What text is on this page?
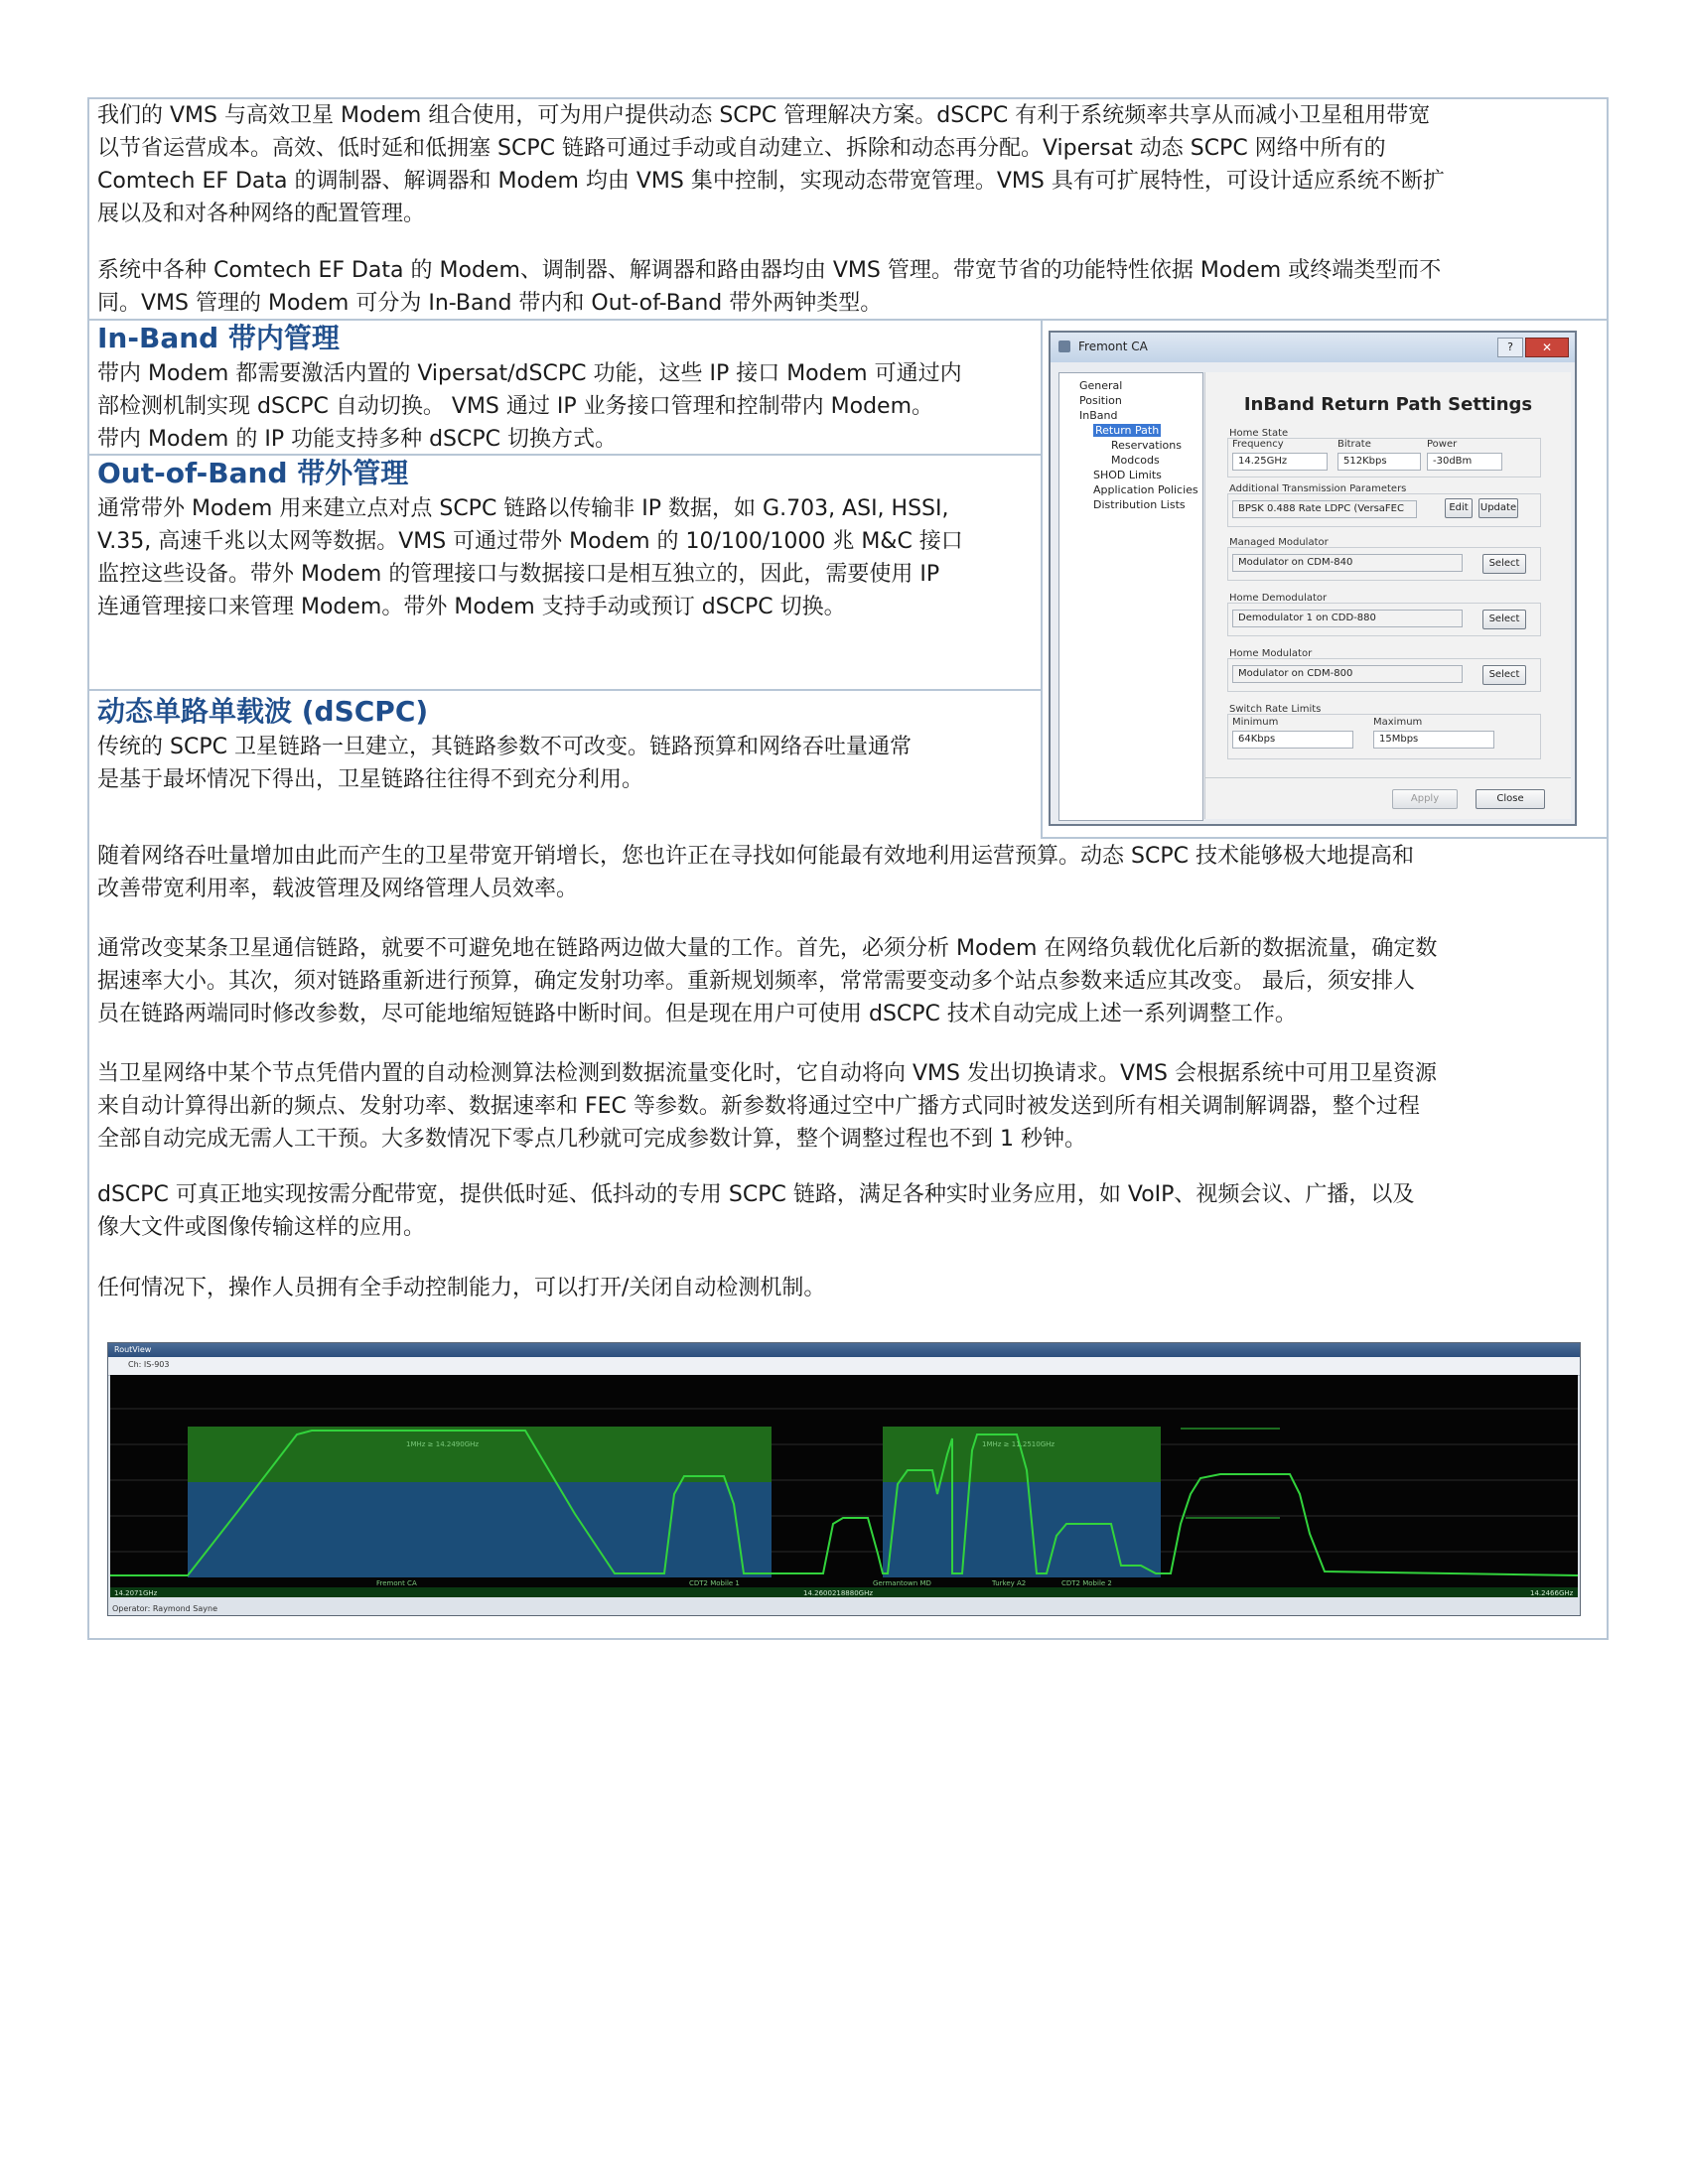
我们的 VMS 与高效卫星 Modem 组合使用，可为用户提供动态 SCPC 管理解决方案。dSCPC 有利于系统频率共享从而减小卫星租用带宽
以节省运营成本。高效、低时延和低拥塞 SCPC 链路可通过手动或自动建立、拆除和动态再分配。Vipersat 动态 SCPC 网络中所有的
Comtech EF Data 的调制器、解调器和 Modem 均由 VMS 集中控制，实现动态带宽管理。VMS 具有可扩展特性，可设计适应系统不断扩
展以及和对各种网络的配置管理。
系统中各种 Comtech EF Data 的 Modem、调制器、解调器和路由器均由 VMS 管理。带宽节省的功能特性依据 Modem 或终端类型而不
同。VMS 管理的 Modem 可分为 In-Band 带内和 Out-of-Band 带外两钟类型。
In-Band 带内管理
带内 Modem 都需要激活内置的 Vipersat/dSCPC 功能，这些 IP 接口 Modem 可通过内
部检测机制实现 dSCPC 自动切换。 VMS 通过 IP 业务接口管理和控制带内 Modem。
带内 Modem 的 IP 功能支持多种 dSCPC 切换方式。
Out-of-Band 带外管理
通常带外 Modem 用来建立点对点 SCPC 链路以传输非 IP 数据，如 G.703, ASI, HSSI,
V.35, 高速千兆以太网等数据。VMS 可通过带外 Modem 的 10/100/1000 兆 M&C 接口
监控这些设备。带外 Modem 的管理接口与数据接口是相互独立的，因此，需要使用 IP
连通管理接口来管理 Modem。带外 Modem 支持手动或预订 dSCPC 切换。
动态单路单载波 (dSCPC)
传统的 SCPC 卫星链路一旦建立，其链路参数不可改变。链路预算和网络吞吐量通常
是基于最坏情况下得出，卫星链路往往得不到充分利用。
Fremont CA	?	✕
General
Position
InBand
Return Path
Reservations
Modcods
SHOD Limits
Application Policies
Distribution Lists
InBand Return Path Settings
Home State
Frequency
14.25GHz
Bitrate
512Kbps
Power
-30dBm
Additional Transmission Parameters
BPSK 0.488 Rate LDPC (VersaFEC	Edit	Update
Managed Modulator
Modulator on CDM-840	Select
Home Demodulator
Demodulator 1 on CDD-880	Select
Home Modulator
Modulator on CDM-800	Select
Switch Rate Limits
Minimum
64Kbps
Maximum
15Mbps
Apply	Close
随着网络吞吐量增加由此而产生的卫星带宽开销增长，您也许正在寻找如何能最有效地利用运营预算。动态 SCPC 技术能够极大地提高和
改善带宽利用率，载波管理及网络管理人员效率。
通常改变某条卫星通信链路，就要不可避免地在链路两边做大量的工作。首先，必须分析 Modem 在网络负载优化后新的数据流量，确定数
据速率大小。其次，须对链路重新进行预算，确定发射功率。重新规划频率，常常需要变动多个站点参数来适应其改变。 最后，须安排人
员在链路两端同时修改参数，尽可能地缩短链路中断时间。但是现在用户可使用 dSCPC 技术自动完成上述一系列调整工作。
当卫星网络中某个节点凭借内置的自动检测算法检测到数据流量变化时，它自动将向 VMS 发出切换请求。VMS 会根据系统中可用卫星资源
来自动计算得出新的频点、发射功率、数据速率和 FEC 等参数。新参数将通过空中广播方式同时被发送到所有相关调制解调器，整个过程
全部自动完成无需人工干预。大多数情况下零点几秒就可完成参数计算，整个调整过程也不到 1 秒钟。
dSCPC 可真正地实现按需分配带宽，提供低时延、低抖动的专用 SCPC 链路，满足各种实时业务应用，如 VoIP、视频会议、广播，以及
像大文件或图像传输这样的应用。
任何情况下，操作人员拥有全手动控制能力，可以打开/关闭自动检测机制。
RoutView
Ch: IS-903
1MHz ≥ 14.2490GHz	1MHz ≥ 11.2510GHz
Fremont CA	CDT2 Mobile 1	Germantown MD	Turkey A2	CDT2 Mobile 2
14.2071GHz	14.2600218880GHz	14.2466GHz
Operator: Raymond Sayne
